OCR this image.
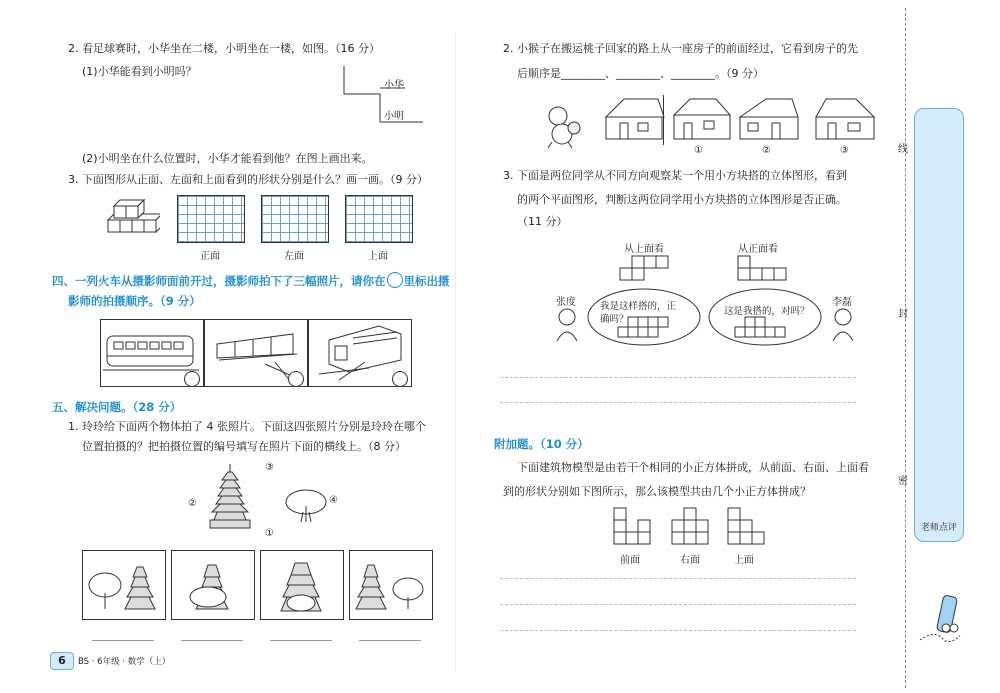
2. 看足球赛时，小华坐在二楼，小明坐在一楼，如图。（16 分）
(1)小华能看到小明吗？
小华
小明
(2)小明坐在什么位置时，小华才能看到他？在图上画出来。
3. 下面图形从正面、左面和上面看到的形状分别是什么？画一画。（9 分）
正面	左面	上面
四、一列火车从摄影师面前开过，摄影师拍下了三幅照片，请你在 里标出摄
影师的拍摄顺序。（9 分）
五、解决问题。（28 分）
1. 玲玲给下面两个物体拍了 4 张照片。下面这四张照片分别是玲玲在哪个
位置拍摄的？把拍摄位置的编号填写在照片下面的横线上。（8 分）
③
②	④
①
6	BS · 6年级 · 数学（上）
2. 小猴子在搬运桃子回家的路上从一座房子的前面经过，它看到房子的先
后顺序是________、________、________。（9 分）
①	②	③
3. 下面是两位同学从不同方向观察某一个用小方块搭的立体图形，看到
的两个平面图形，判断这两位同学用小方块搭的立体图形是否正确。
（11 分）
从上面看	从正面看
张度	我是这样搭的，正
确吗？
这是我搭的，对吗？
李磊
附加题。（10 分）
下面建筑物模型是由若干个相同的小正方体拼成，从前面、右面、上面看
到的形状分别如下图所示，那么该模型共由几个小正方体拼成？
前面	右面	上面
线
封
密
老师点评
